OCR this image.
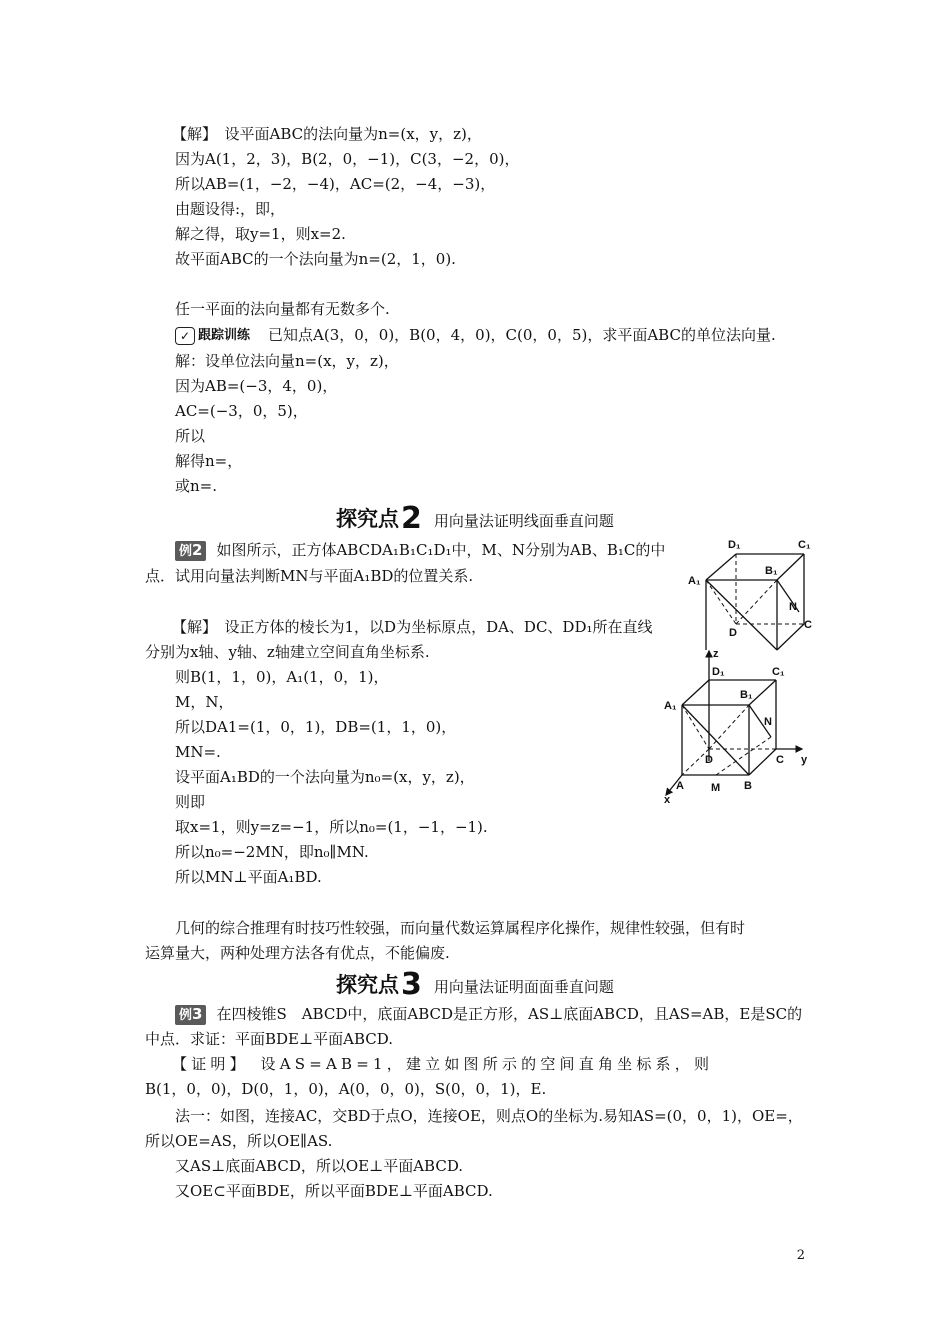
【解】　设平面ABC的法向量为n=(x，y，z)，
因为A(1，2，3)，B(2，0，−1)，C(3，−2，0)，
所以AB=(1，−2，−4)，AC=(2，−4，−3)，
由题设得:，即，
解之得，取y=1，则x=2.
故平面ABC的一个法向量为n=(2，1，0).
任一平面的法向量都有无数多个.
✓ 跟踪训练 已知点A(3，0，0)，B(0，4，0)，C(0，0，5)，求平面ABC的单位法向量.
解：设单位法向量n=(x，y，z)，
因为AB=(−3，4，0)，
AC=(−3，0，5)，
所以
解得n=，
或n=.
探究点2 用向量法证明线面垂直问题
例2 如图所示，正方体ABCDA₁B₁C₁D₁中，M、N分别为AB、B₁C的中
点．试用向量法判断MN与平面A₁BD的位置关系.
【解】　设正方体的棱长为1，以D为坐标原点，DA、DC、DD₁所在直线
分别为x轴、y轴、z轴建立空间直角坐标系.
则B(1，1，0)，A₁(1，0，1)，
M，N，
所以DA1=(1，0，1)，DB=(1，1，0)，
MN=.
设平面A₁BD的一个法向量为n₀=(x，y，z)，
则即
取x=1，则y=z=−1，所以n₀=(1，−1，−1).
所以n₀=−2MN，即n₀∥MN.
所以MN⊥平面A₁BD.
几何的综合推理有时技巧性较强，而向量代数运算属程序化操作，规律性较强，但有时
运算量大，两种处理方法各有优点，不能偏废.
探究点3 用向量法证明面面垂直问题
例3 在四棱锥S　ABCD中，底面ABCD是正方形，AS⊥底面ABCD，且AS=AB，E是SC的
中点．求证：平面BDE⊥平面ABCD.
【证明】　设AS=AB=1，建立如图所示的空间直角坐标系，则
B(1，0，0)，D(0，1，0)，A(0，0，0)，S(0，0，1)，E.
法一：如图，连接AC，交BD于点O，连接OE，则点O的坐标为.易知AS=(0，0，1)，OE=，
所以OE=AS，所以OE∥AS.
又AS⊥底面ABCD，所以OE⊥平面ABCD.
又OE⊂平面BDE，所以平面BDE⊥平面ABCD.
2
D₁	C₁
B₁
A₁
N
C
D
z
D₁	C₁
B₁
A₁
N
D	C y
A M B
x
